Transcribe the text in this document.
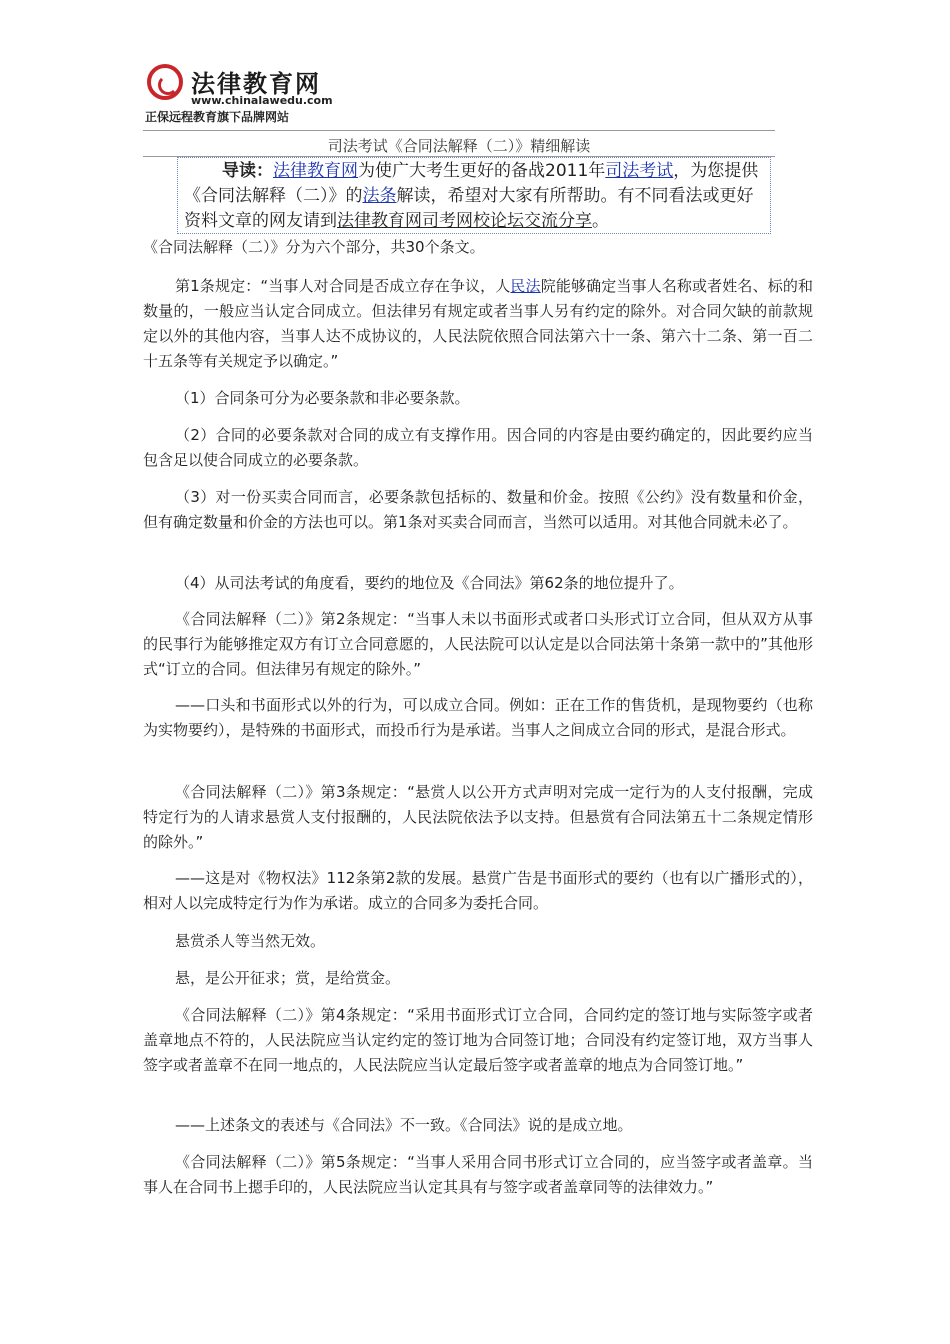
法律教育网
www.chinalawedu.com
正保远程教育旗下品牌网站
司法考试《合同法解释（二）》精细解读
导读：法律教育网为使广大考生更好的备战2011年司法考试，为您提供《合同法解释（二）》的法条解读，希望对大家有所帮助。有不同看法或更好资料文章的网友请到法律教育网司考网校论坛交流分享。
《合同法解释（二）》分为六个部分，共30个条文。
第1条规定：“当事人对合同是否成立存在争议，人民法院能够确定当事人名称或者姓名、标的和数量的，一般应当认定合同成立。但法律另有规定或者当事人另有约定的除外。对合同欠缺的前款规定以外的其他内容，当事人达不成协议的，人民法院依照合同法第六十一条、第六十二条、第一百二十五条等有关规定予以确定。”
（1）合同条可分为必要条款和非必要条款。
（2）合同的必要条款对合同的成立有支撑作用。因合同的内容是由要约确定的，因此要约应当包含足以使合同成立的必要条款。
（3）对一份买卖合同而言，必要条款包括标的、数量和价金。按照《公约》没有数量和价金，但有确定数量和价金的方法也可以。第1条对买卖合同而言，当然可以适用。对其他合同就未必了。
（4）从司法考试的角度看，要约的地位及《合同法》第62条的地位提升了。
《合同法解释（二）》第2条规定：“当事人未以书面形式或者口头形式订立合同，但从双方从事的民事行为能够推定双方有订立合同意愿的，人民法院可以认定是以合同法第十条第一款中的”其他形式“订立的合同。但法律另有规定的除外。”
——口头和书面形式以外的行为，可以成立合同。例如：正在工作的售货机，是现物要约（也称为实物要约），是特殊的书面形式，而投币行为是承诺。当事人之间成立合同的形式，是混合形式。
《合同法解释（二）》第3条规定：“悬赏人以公开方式声明对完成一定行为的人支付报酬，完成特定行为的人请求悬赏人支付报酬的，人民法院依法予以支持。但悬赏有合同法第五十二条规定情形的除外。”
——这是对《物权法》112条第2款的发展。悬赏广告是书面形式的要约（也有以广播形式的），相对人以完成特定行为作为承诺。成立的合同多为委托合同。
悬赏杀人等当然无效。
悬，是公开征求；赏，是给赏金。
《合同法解释（二）》第4条规定：“采用书面形式订立合同，合同约定的签订地与实际签字或者盖章地点不符的，人民法院应当认定约定的签订地为合同签订地；合同没有约定签订地，双方当事人签字或者盖章不在同一地点的，人民法院应当认定最后签字或者盖章的地点为合同签订地。”
——上述条文的表述与《合同法》不一致。《合同法》说的是成立地。
《合同法解释（二）》第5条规定：“当事人采用合同书形式订立合同的，应当签字或者盖章。当事人在合同书上摁手印的，人民法院应当认定其具有与签字或者盖章同等的法律效力。”
